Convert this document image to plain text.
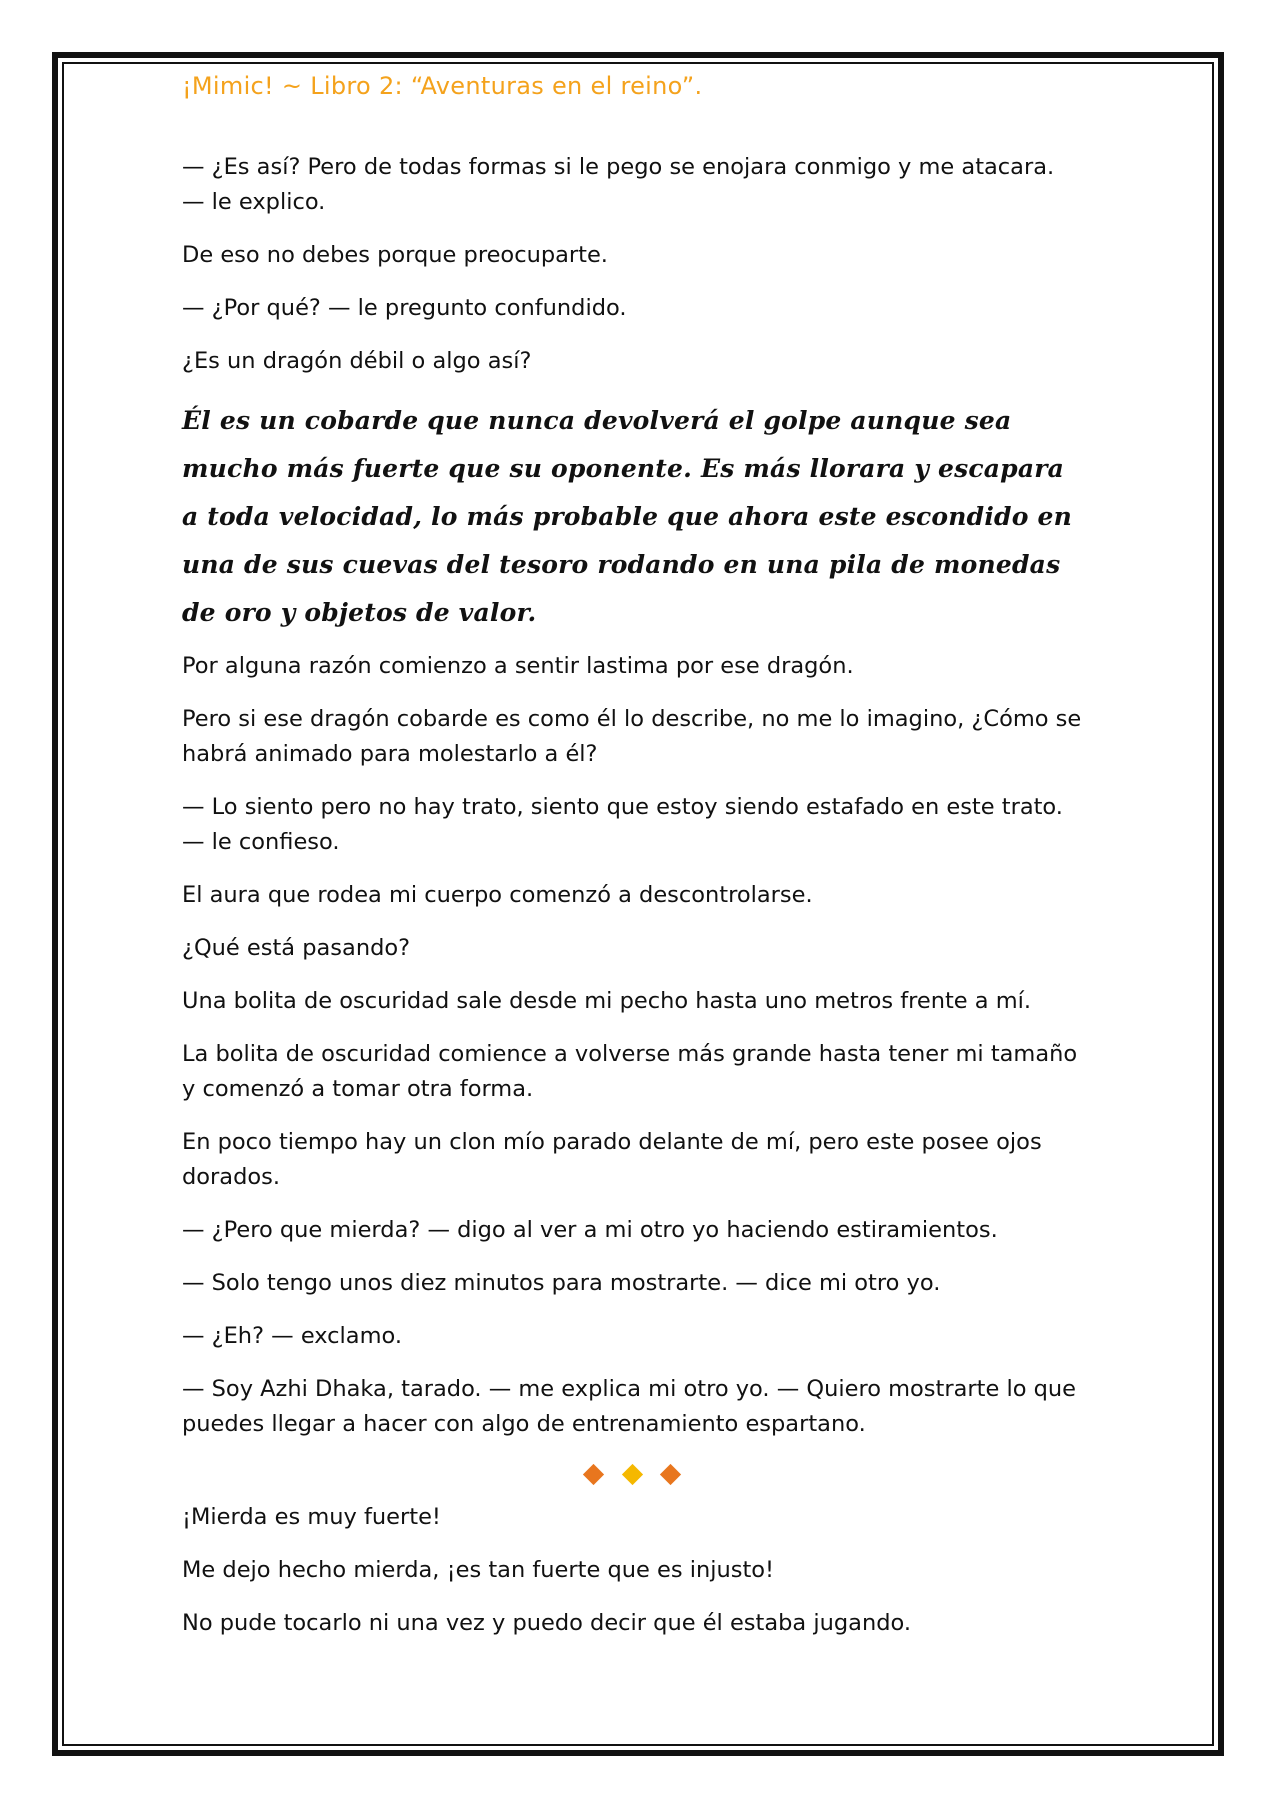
¡Mimic! ~ Libro 2: “Aventuras en el reino”.

— ¿Es así? Pero de todas formas si le pego se enojara conmigo y me atacara. — le explico.

De eso no debes porque preocuparte.

— ¿Por qué? — le pregunto confundido.

¿Es un dragón débil o algo así?

Él es un cobarde que nunca devolverá el golpe aunque sea mucho más fuerte que su oponente. Es más llorara y escapara a toda velocidad, lo más probable que ahora este escondido en una de sus cuevas del tesoro rodando en una pila de monedas de oro y objetos de valor.

Por alguna razón comienzo a sentir lastima por ese dragón.

Pero si ese dragón cobarde es como él lo describe, no me lo imagino, ¿Cómo se habrá animado para molestarlo a él?

— Lo siento pero no hay trato, siento que estoy siendo estafado en este trato. — le confieso.

El aura que rodea mi cuerpo comenzó a descontrolarse.

¿Qué está pasando?

Una bolita de oscuridad sale desde mi pecho hasta uno metros frente a mí.

La bolita de oscuridad comience a volverse más grande hasta tener mi tamaño y comenzó a tomar otra forma.

En poco tiempo hay un clon mío parado delante de mí, pero este posee ojos dorados.

— ¿Pero que mierda? — digo al ver a mi otro yo haciendo estiramientos.

— Solo tengo unos diez minutos para mostrarte. — dice mi otro yo.

— ¿Eh? — exclamo.

— Soy Azhi Dhaka, tarado. — me explica mi otro yo. — Quiero mostrarte lo que puedes llegar a hacer con algo de entrenamiento espartano.

¡Mierda es muy fuerte!

Me dejo hecho mierda, ¡es tan fuerte que es injusto!

No pude tocarlo ni una vez y puedo decir que él estaba jugando.
